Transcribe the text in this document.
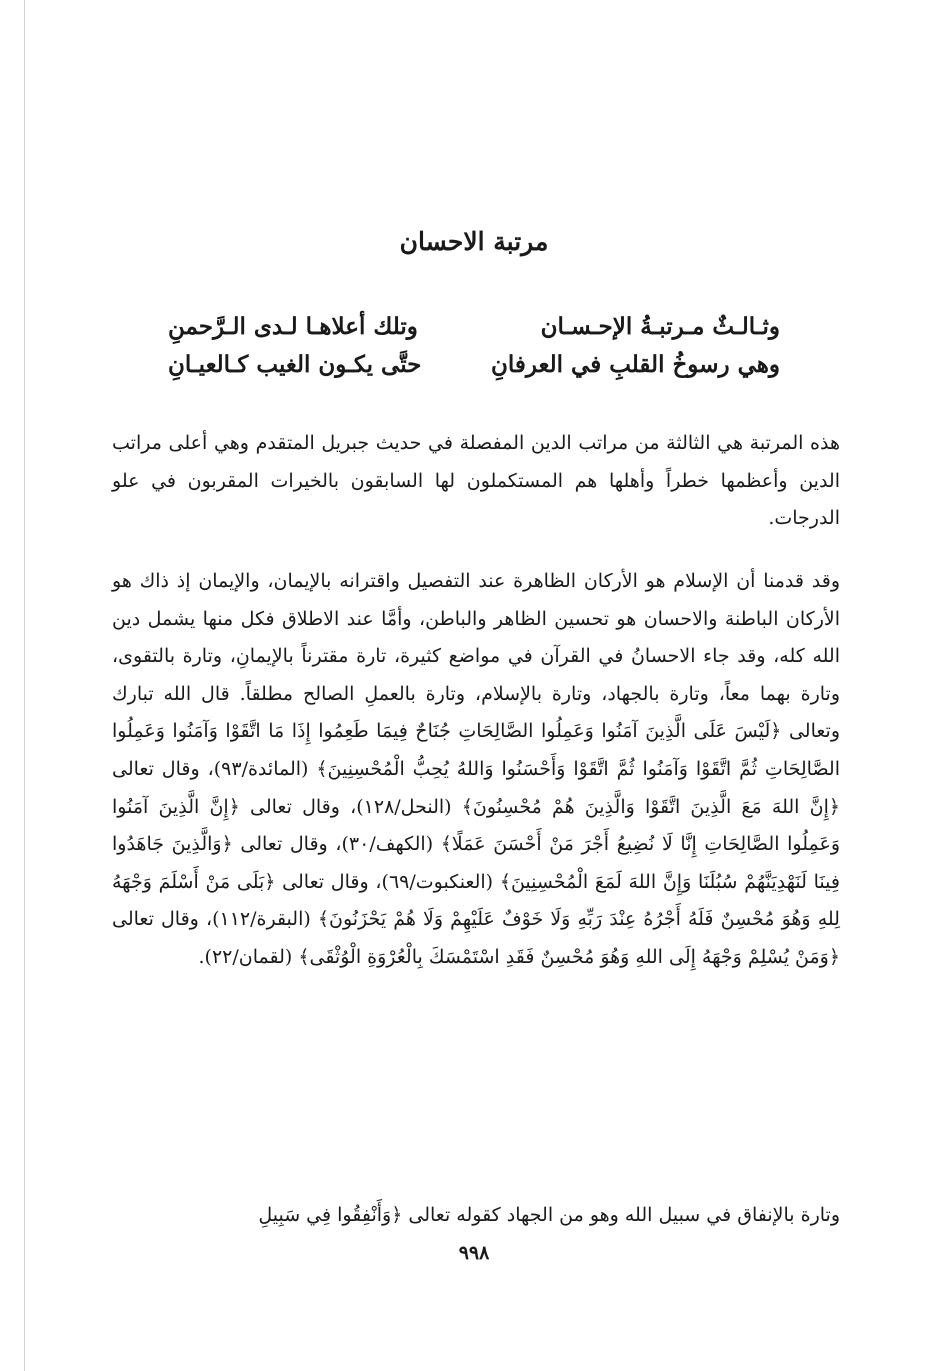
مرتبة الاحسان
وثـالـثٌ مـرتبـةُ الإحـسـان
وتلك أعلاهـا لـدى الـرَّحمنِ
وهي رسوخُ القلبِ في العرفانِ
حتَّى يكـون الغيب كـالعيـانِ

هذه المرتبة هي الثالثة من مراتب الدين المفصلة في حديث جبريل المتقدم وهي أعلى مراتب الدين وأعظمها خطراً وأهلها هم المستكملون لها السابقون بالخيرات المقربون في علو الدرجات.

وقد قدمنا أن الإسلام هو الأركان الظاهرة عند التفصيل واقترانه بالإيمان، والإيمان إذ ذاك هو الأركان الباطنة والاحسان هو تحسين الظاهر والباطن، وأمَّا عند الاطلاق فكل منها يشمل دين الله كله، وقد جاء الاحسانُ في القرآن في مواضع كثيرة، تارة مقترناً بالإيمانِ، وتارة بالتقوى، وتارة بهما معاً، وتارة بالجهاد، وتارة بالإسلام، وتارة بالعملِ الصالح مطلقاً. قال الله تبارك وتعالى ﴿لَيْسَ عَلَى الَّذِينَ آمَنُوا وَعَمِلُوا الصَّالِحَاتِ جُنَاحٌ فِيمَا طَعِمُوا إِذَا مَا اتَّقَوْا وَآمَنُوا وَعَمِلُوا الصَّالِحَاتِ ثُمَّ اتَّقَوْا وَآمَنُوا ثُمَّ اتَّقَوْا وَأَحْسَنُوا وَاللهُ يُحِبُّ الْمُحْسِنِينَ﴾ (المائدة/٩٣)، وقال تعالى ﴿إِنَّ اللهَ مَعَ الَّذِينَ اتَّقَوْا وَالَّذِينَ هُمْ مُحْسِنُونَ﴾ (النحل/١٢٨)، وقال تعالى ﴿إِنَّ الَّذِينَ آمَنُوا وَعَمِلُوا الصَّالِحَاتِ إِنَّا لَا نُضِيعُ أَجْرَ مَنْ أَحْسَنَ عَمَلًا﴾ (الكهف/٣٠)، وقال تعالى ﴿وَالَّذِينَ جَاهَدُوا فِينَا لَنَهْدِيَنَّهُمْ سُبُلَنَا وَإِنَّ اللهَ لَمَعَ الْمُحْسِنِينَ﴾ (العنكبوت/٦٩)، وقال تعالى ﴿بَلَى مَنْ أَسْلَمَ وَجْهَهُ لِلهِ وَهُوَ مُحْسِنٌ فَلَهُ أَجْرُهُ عِنْدَ رَبِّهِ وَلَا خَوْفٌ عَلَيْهِمْ وَلَا هُمْ يَحْزَنُونَ﴾ (البقرة/١١٢)، وقال تعالى ﴿وَمَنْ يُسْلِمْ وَجْهَهُ إِلَى اللهِ وَهُوَ مُحْسِنٌ فَقَدِ اسْتَمْسَكَ بِالْعُرْوَةِ الْوُثْقَى﴾ (لقمان/٢٢).

وتارة بالإنفاق في سبيل الله وهو من الجهاد كقوله تعالى ﴿وَأَنْفِقُوا فِي سَبِيلِ

٩٩٨
